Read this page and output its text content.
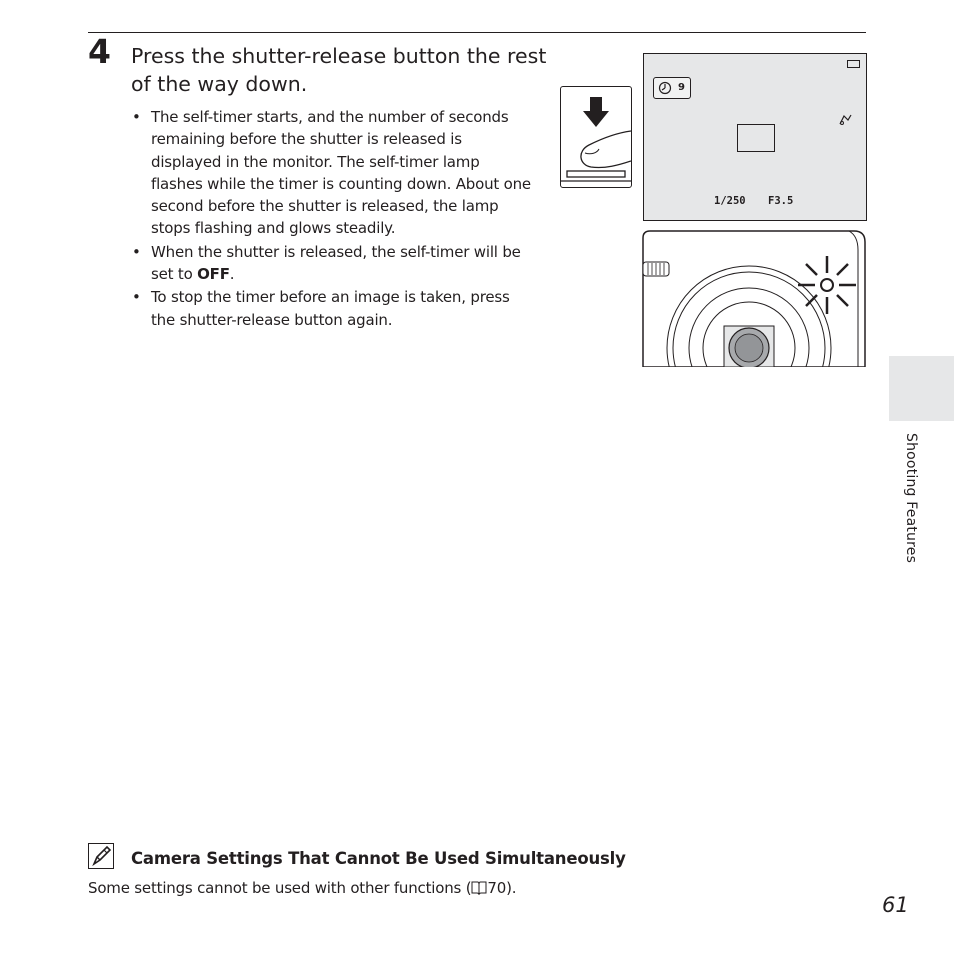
4 Press the shutter-release button the rest of the way down.
• The self-timer starts, and the number of seconds remaining before the shutter is released is displayed in the monitor. The self-timer lamp flashes while the timer is counting down. About one second before the shutter is released, the lamp stops flashing and glows steadily.
• When the shutter is released, the self-timer will be set to OFF.
• To stop the timer before an image is taken, press the shutter-release button again.
9
1/250 F3.5
Shooting Features
Camera Settings That Cannot Be Used Simultaneously
Some settings cannot be used with other functions ( 70).
61
